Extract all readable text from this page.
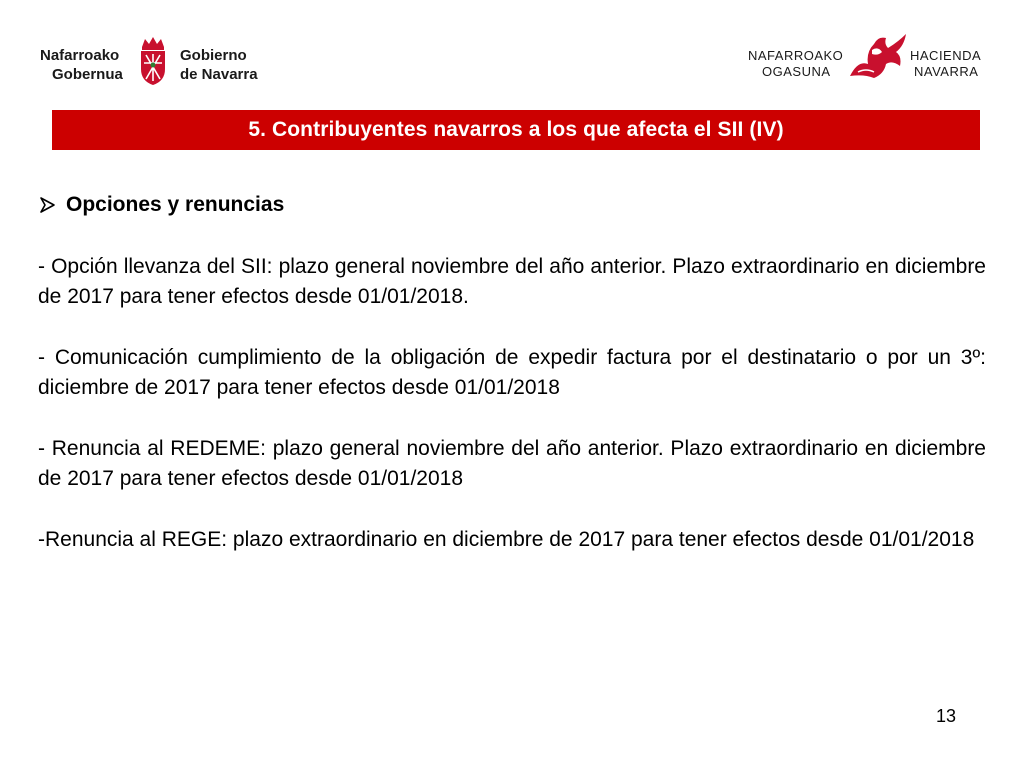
Nafarroako
Gobernua
Gobierno
de Navarra
NAFARROAKO
OGASUNA
HACIENDA
NAVARRA
5. Contribuyentes navarros a los que afecta el SII (IV)
Opciones y renuncias

- Opción llevanza del SII: plazo general noviembre del año anterior. Plazo extraordinario en diciembre de 2017 para tener efectos desde 01/01/2018.

- Comunicación cumplimiento de la obligación de expedir factura por el destinatario o por un 3º: diciembre de 2017 para tener efectos desde 01/01/2018

- Renuncia al REDEME: plazo general noviembre del año anterior. Plazo extraordinario en diciembre de 2017 para tener efectos desde 01/01/2018

-Renuncia al REGE: plazo extraordinario en diciembre de 2017 para tener efectos desde 01/01/2018

13
